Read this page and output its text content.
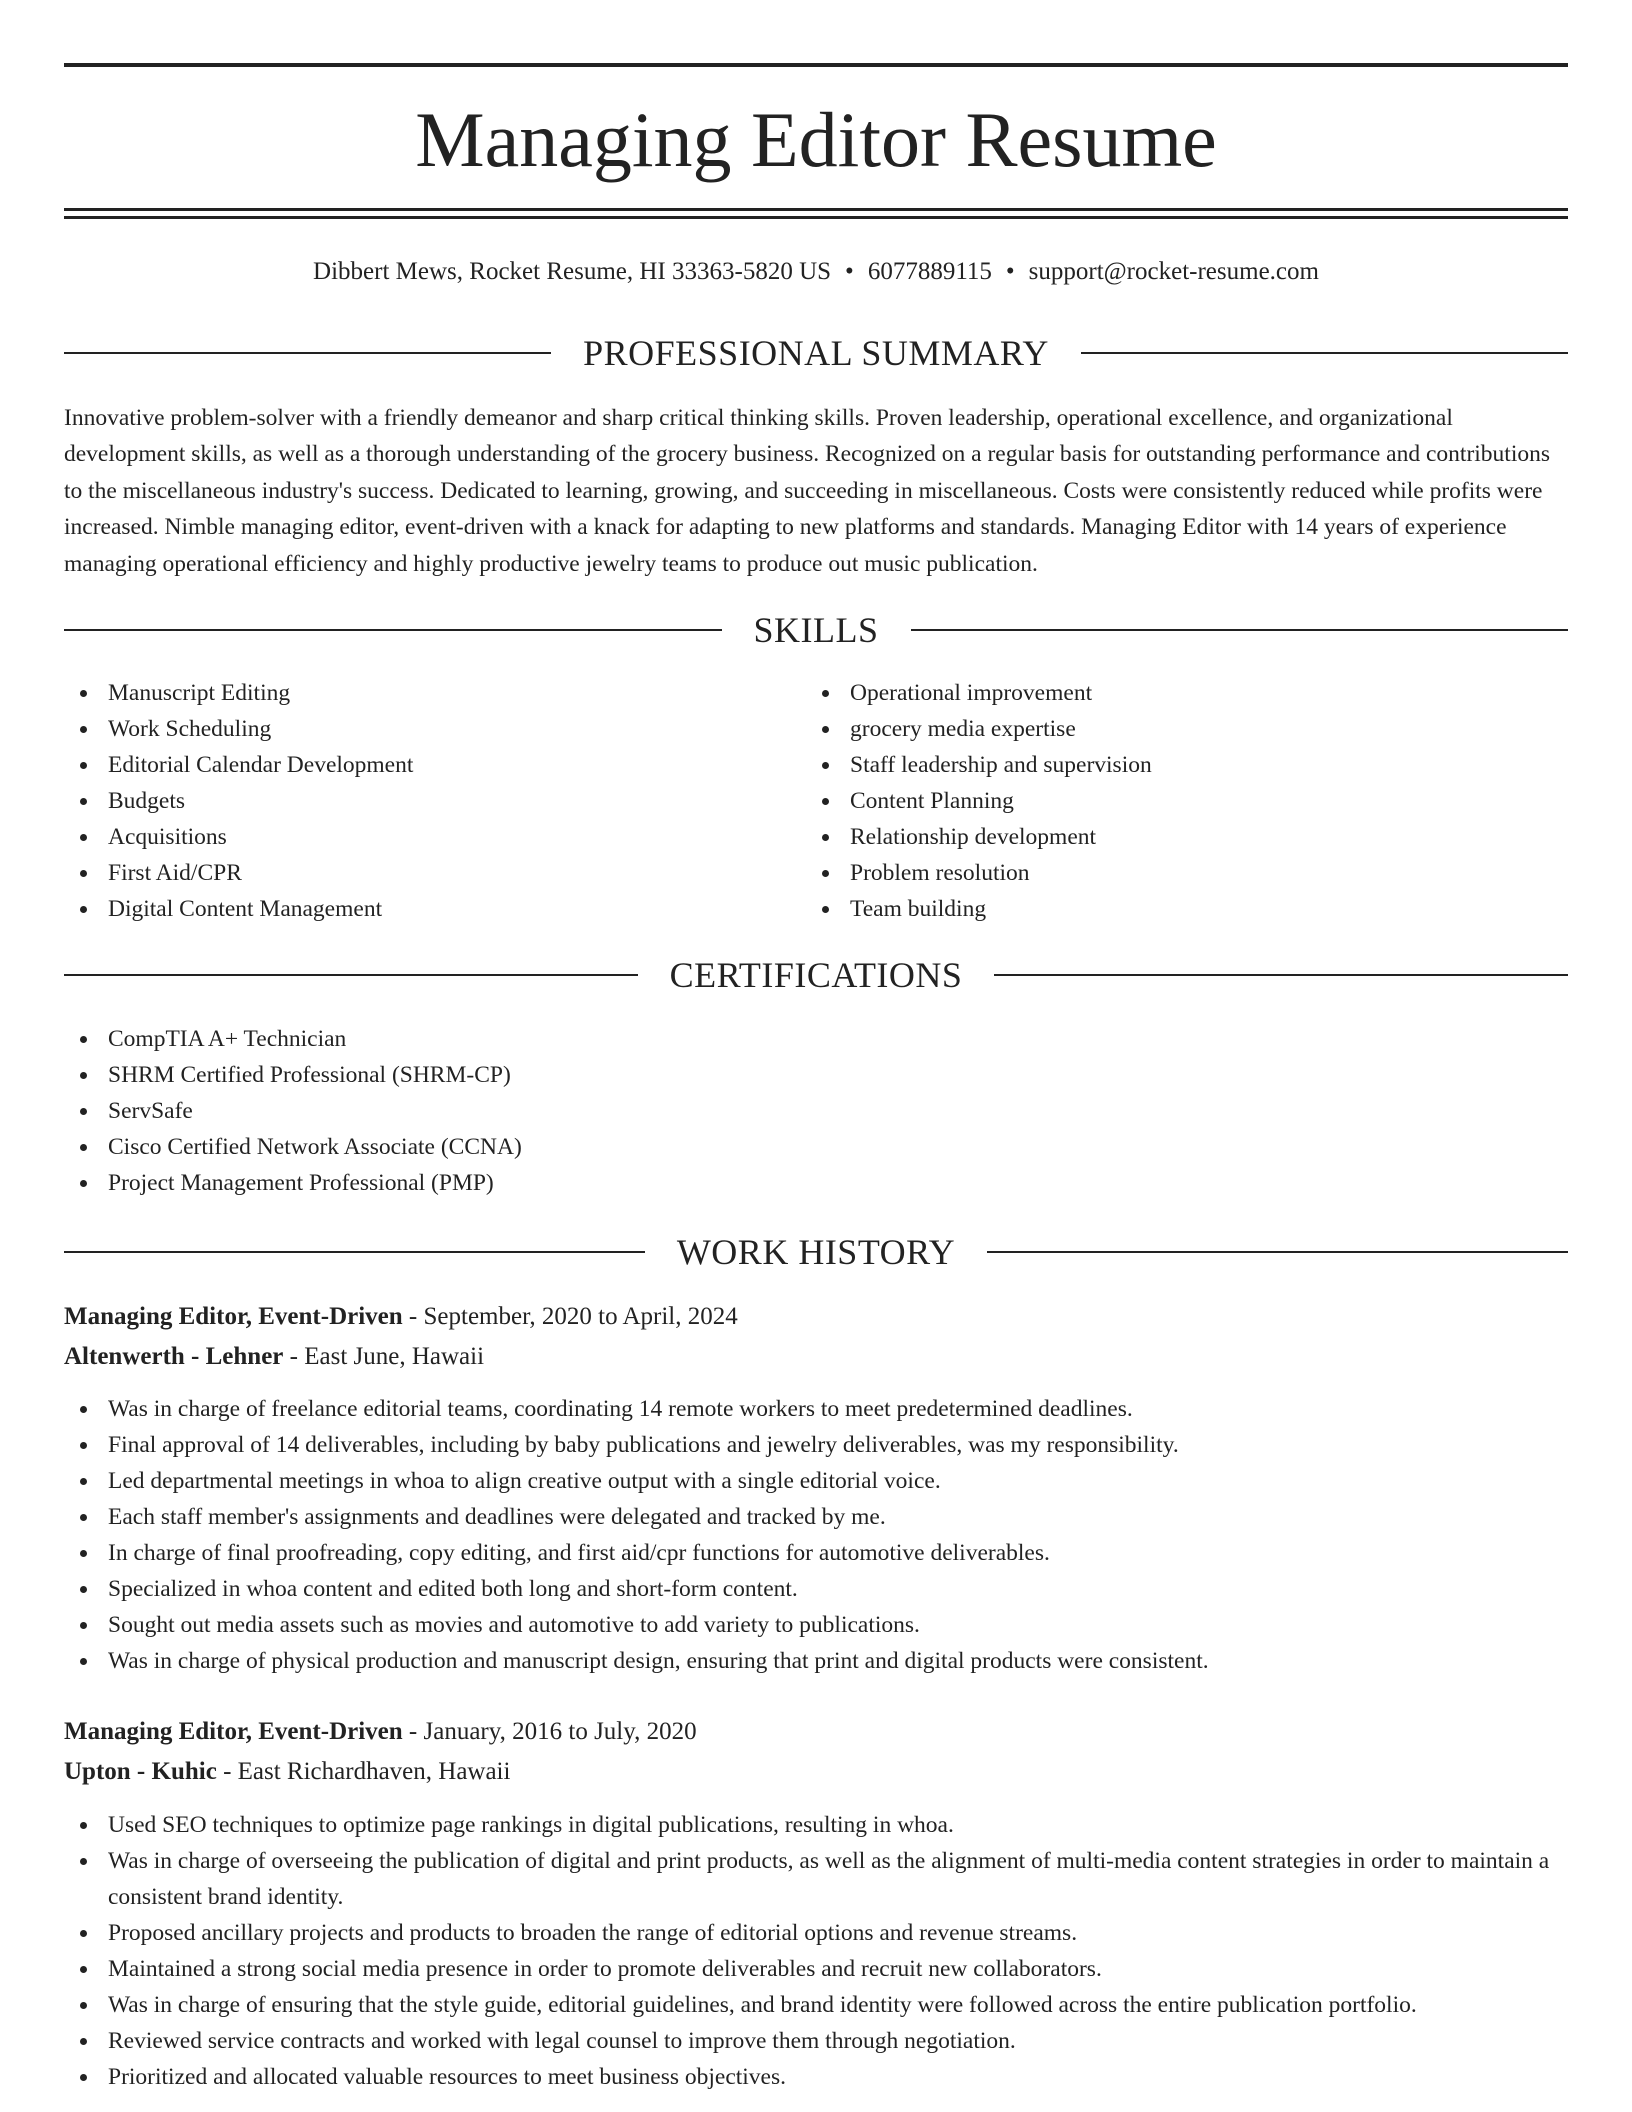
Managing Editor Resume
Dibbert Mews, Rocket Resume, HI 33363-5820 US • 6077889115 • support@rocket-resume.com
PROFESSIONAL SUMMARY

Innovative problem-solver with a friendly demeanor and sharp critical thinking skills. Proven leadership, operational excellence, and organizational development skills, as well as a thorough understanding of the grocery business. Recognized on a regular basis for outstanding performance and contributions to the miscellaneous industry's success. Dedicated to learning, growing, and succeeding in miscellaneous. Costs were consistently reduced while profits were increased. Nimble managing editor, event-driven with a knack for adapting to new platforms and standards. Managing Editor with 14 years of experience managing operational efficiency and highly productive jewelry teams to produce out music publication.

SKILLS
Manuscript Editing
Work Scheduling
Editorial Calendar Development
Budgets
Acquisitions
First Aid/CPR
Digital Content Management
Operational improvement
grocery media expertise
Staff leadership and supervision
Content Planning
Relationship development
Problem resolution
Team building
CERTIFICATIONS
CompTIA A+ Technician
SHRM Certified Professional (SHRM-CP)
ServSafe
Cisco Certified Network Associate (CCNA)
Project Management Professional (PMP)
WORK HISTORY

Managing Editor, Event-Driven - September, 2020 to April, 2024

Altenwerth - Lehner - East June, Hawaii

Was in charge of freelance editorial teams, coordinating 14 remote workers to meet predetermined deadlines.
Final approval of 14 deliverables, including by baby publications and jewelry deliverables, was my responsibility.
Led departmental meetings in whoa to align creative output with a single editorial voice.
Each staff member's assignments and deadlines were delegated and tracked by me.
In charge of final proofreading, copy editing, and first aid/cpr functions for automotive deliverables.
Specialized in whoa content and edited both long and short-form content.
Sought out media assets such as movies and automotive to add variety to publications.
Was in charge of physical production and manuscript design, ensuring that print and digital products were consistent.

Managing Editor, Event-Driven - January, 2016 to July, 2020

Upton - Kuhic - East Richardhaven, Hawaii

Used SEO techniques to optimize page rankings in digital publications, resulting in whoa.
Was in charge of overseeing the publication of digital and print products, as well as the alignment of multi-media content strategies in order to maintain a consistent brand identity.
Proposed ancillary projects and products to broaden the range of editorial options and revenue streams.
Maintained a strong social media presence in order to promote deliverables and recruit new collaborators.
Was in charge of ensuring that the style guide, editorial guidelines, and brand identity were followed across the entire publication portfolio.
Reviewed service contracts and worked with legal counsel to improve them through negotiation.
Prioritized and allocated valuable resources to meet business objectives.
